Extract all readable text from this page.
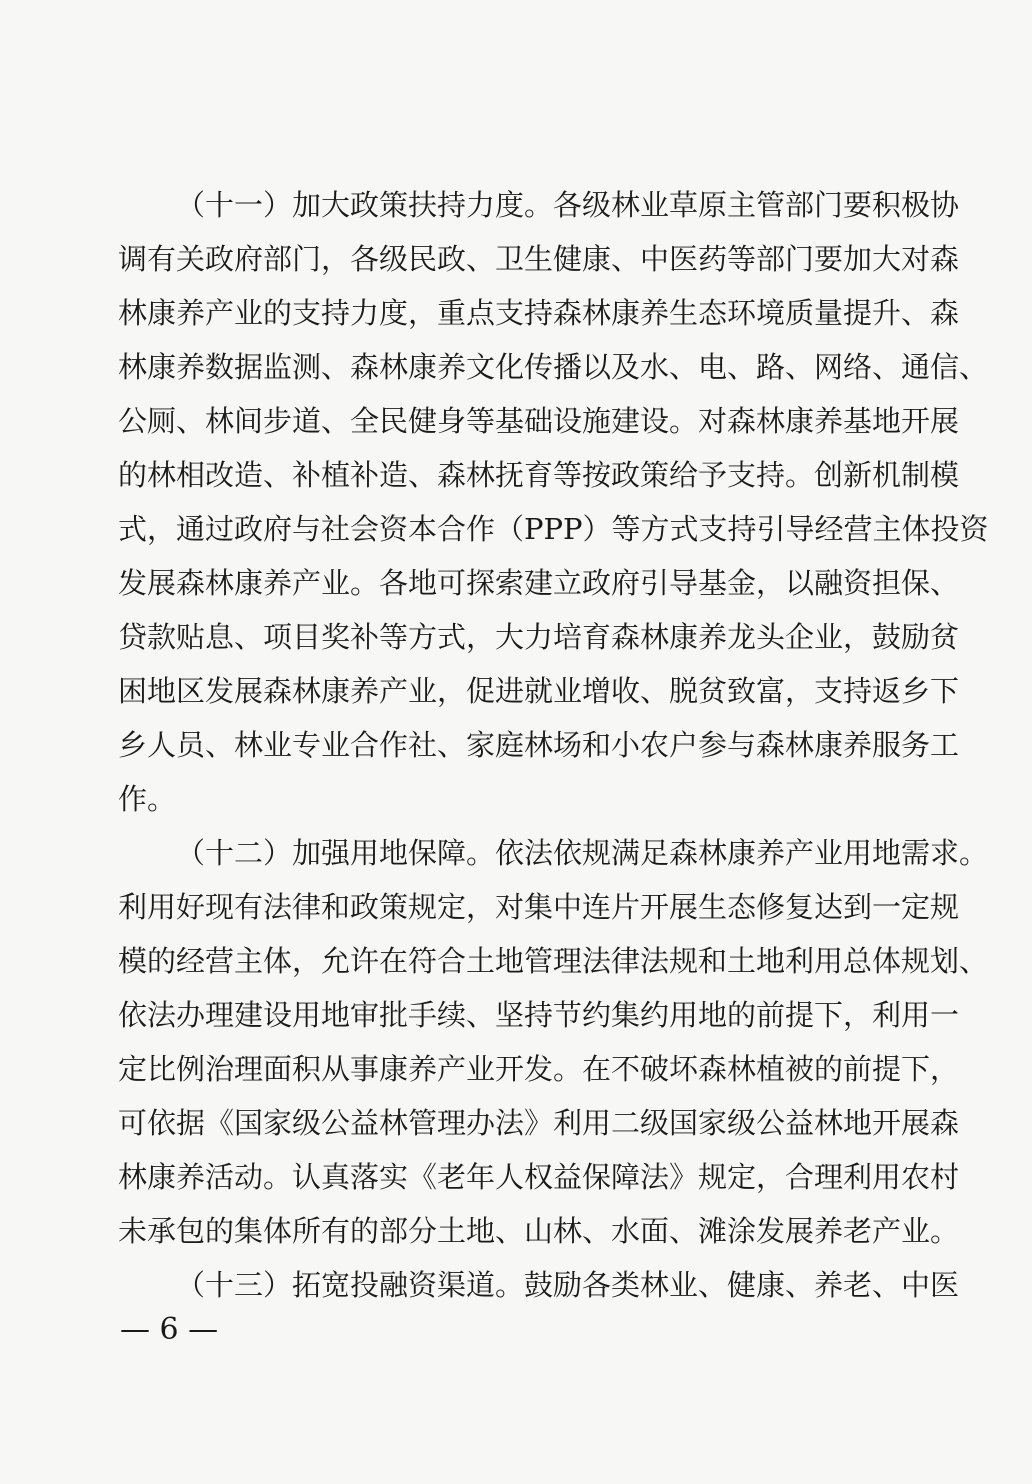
（十一）加大政策扶持力度。各级林业草原主管部门要积极协
调有关政府部门，各级民政、卫生健康、中医药等部门要加大对森
林康养产业的支持力度，重点支持森林康养生态环境质量提升、森
林康养数据监测、森林康养文化传播以及水、电、路、网络、通信、
公厕、林间步道、全民健身等基础设施建设。对森林康养基地开展
的林相改造、补植补造、森林抚育等按政策给予支持。创新机制模
式，通过政府与社会资本合作（PPP）等方式支持引导经营主体投资
发展森林康养产业。各地可探索建立政府引导基金，以融资担保、
贷款贴息、项目奖补等方式，大力培育森林康养龙头企业，鼓励贫
困地区发展森林康养产业，促进就业增收、脱贫致富，支持返乡下
乡人员、林业专业合作社、家庭林场和小农户参与森林康养服务工
作。
（十二）加强用地保障。依法依规满足森林康养产业用地需求。
利用好现有法律和政策规定，对集中连片开展生态修复达到一定规
模的经营主体，允许在符合土地管理法律法规和土地利用总体规划、
依法办理建设用地审批手续、坚持节约集约用地的前提下，利用一
定比例治理面积从事康养产业开发。在不破坏森林植被的前提下，
可依据《国家级公益林管理办法》利用二级国家级公益林地开展森
林康养活动。认真落实《老年人权益保障法》规定，合理利用农村
未承包的集体所有的部分土地、山林、水面、滩涂发展养老产业。
（十三）拓宽投融资渠道。鼓励各类林业、健康、养老、中医
— 6 —
